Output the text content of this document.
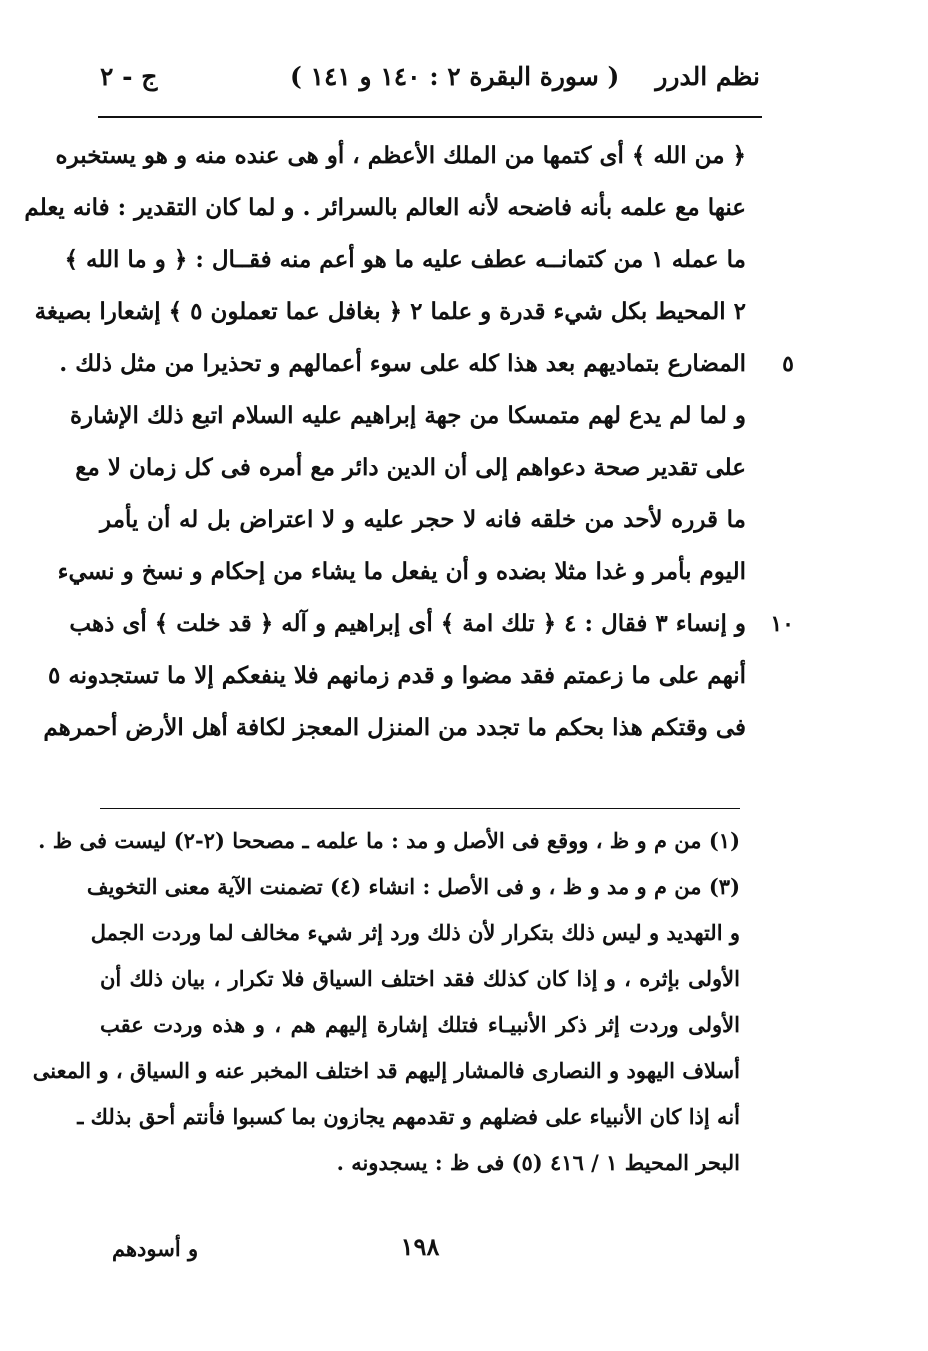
نظم الدرر
( سورة البقرة ٢ : ١٤٠ و ١٤١ )
ج - ٢
﴿ من الله ﴾ أى كتمها من الملك الأعظم ، أو هى عنده منه و هو يستخبره
عنها مع علمه بأنه فاضحه لأنه العالم بالسرائر . و لما كان التقدير : فانه يعلم
ما عمله ١ من كتمانــه عطف عليه ما هو أعم منه فقــال : ﴿ و ما الله ﴾
٢ المحيط بكل شيء قدرة و علما ٢ ﴿ بغافل عما تعملون ٥ ﴾ إشعارا بصيغة
٥
المضارع بتماديهم بعد هذا كله على سوء أعمالهم و تحذيرا من مثل ذلك .
و لما لم يدع لهم متمسكا من جهة إبراهيم عليه السلام اتبع ذلك الإشارة
على تقدير صحة دعواهم إلى أن الدين دائر مع أمره فى كل زمان لا مع
ما قرره لأحد من خلقه فانه لا حجر عليه و لا اعتراض بل له أن يأمر
اليوم بأمر و غدا مثلا بضده و أن يفعل ما يشاء من إحكام و نسخ و نسيء
١٠
و إنساء ٣ فقال : ٤ ﴿ تلك امة ﴾ أى إبراهيم و آله ﴿ قد خلت ﴾ أى ذهب
أنهم على ما زعمتم فقد مضوا و قدم زمانهم فلا ينفعكم إلا ما تستجدونه ٥
فى وقتكم هذا بحكم ما تجدد من المنزل المعجز لكافة أهل الأرض أحمرهم
(١) من م و ظ ، ووقع فى الأصل و مد : ما علمه ـ مصححا (٢-٢) ليست فى ظ .
(٣) من م و مد و ظ ، و فى الأصل : انشاء (٤) تضمنت الآية معنى التخويف
و التهديد و ليس ذلك بتكرار لأن ذلك ورد إثر شيء مخالف لما وردت الجمل
الأولى بإثره ، و إذا كان كذلك فقد اختلف السياق فلا تكرار ، بيان ذلك أن
الأولى وردت إثر ذكر الأنبيـاء فتلك إشارة إليهم هم ، و هذه وردت عقب
أسلاف اليهود و النصارى فالمشار إليهم قد اختلف المخبر عنه و السياق ، و المعنى
أنه إذا كان الأنبياء على فضلهم و تقدمهم يجازون بما كسبوا فأنتم أحق بذلك ـ
البحر المحيط ١ / ٤١٦ (٥) فى ظ : يسجدونه .
١٩٨
و أسودهم
